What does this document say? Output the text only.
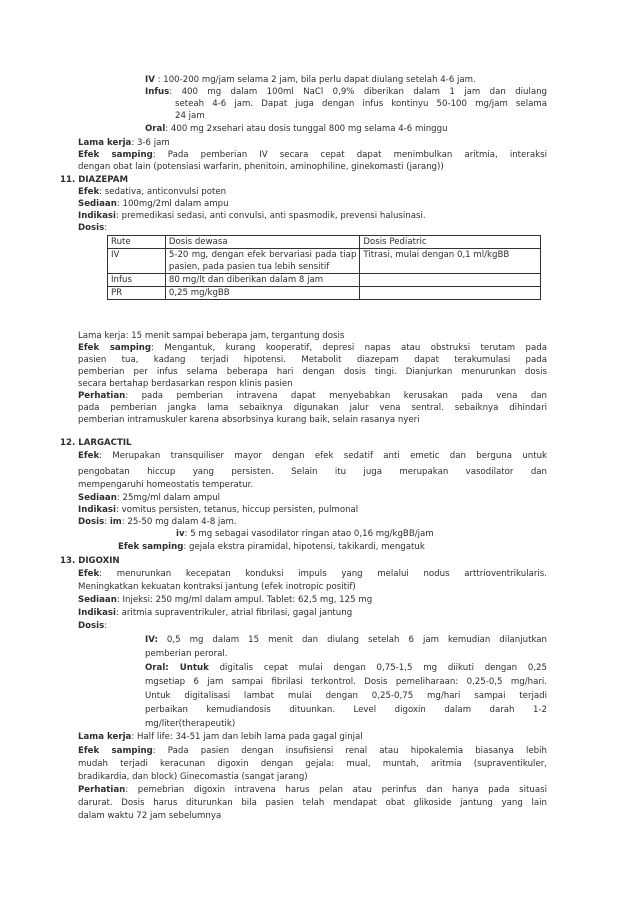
IV : 100-200 mg/jam selama 2 jam, bila perlu dapat diulang setelah 4-6 jam.
Infus: 400 mg dalam 100ml NaCl 0,9% diberikan dalam 1 jam dan diulang
seteah 4-6 jam. Dapat juga dengan infus kontinyu 50-100 mg/jam selama
24 jam
Oral: 400 mg 2xsehari atau dosis tunggal 800 mg selama 4-6 minggu
Lama kerja: 3-6 jam
Efek samping: Pada pemberian IV secara cepat dapat menimbulkan aritmia, interaksi
dengan obat lain (potensiasi warfarin, phenitoin, aminophiline, ginekomasti (jarang))
11. DIAZEPAM
Efek: sedativa, anticonvulsi poten
Sediaan: 100mg/2ml dalam ampu
Indikasi: premedikasi sedasi, anti convulsi, anti spasmodik, prevensi halusinasi.
Dosis:
Rute	Dosis dewasa	Dosis Pediatric
IV	5-20 mg, dengan efek bervariasi pada tiap pasien, pada pasien tua lebih sensitif	Titrasi, mulai dengan 0,1 ml/kgBB
Infus	80 mg/lt dan diberikan dalam 8 jam	
PR	0,25 mg/kgBB	
Lama kerja: 15 menit sampai beberapa jam, tergantung dosis
Efek samping: Mengantuk, kurang kooperatif, depresi napas atau obstruksi terutam pada
pasien tua, kadang terjadi hipotensi. Metabolit diazepam dapat terakumulasi pada
pemberian per infus selama beberapa hari dengan dosis tingi. Dianjurkan menurunkan dosis
secara bertahap berdasarkan respon klinis pasien
Perhatian: pada pemberian intravena dapat menyebabkan kerusakan pada vena dan
pada pemberian jangka lama sebaiknya digunakan jalur vena sentral. sebaiknya dihindari
pemberian intramuskuler karena absorbsinya kurang baik, selain rasanya nyeri
12. LARGACTIL
Efek: Merupakan transquiliser mayor dengan efek sedatif anti emetic dan berguna untuk
pengobatan hiccup yang persisten. Selain itu juga merupakan vasodilator dan
mempengaruhi homeostatis temperatur.
Sediaan: 25mg/ml dalam ampul
Indikasi: vomitus persisten, tetanus, hiccup persisten, pulmonal
Dosis: im: 25-50 mg dalam 4-8 jam.
iv: 5 mg sebagai vasodilator ringan atao 0,16 mg/kgBB/jam
Efek samping: gejala ekstra piramidal, hipotensi, takikardi, mengatuk
13. DIGOXIN
Efek: menurunkan kecepatan konduksi impuls yang melalui nodus arttrioventrikularis.
Meningkatkan kekuatan kontraksi jantung (efek inotropic positif)
Sediaan: Injeksi: 250 mg/ml dalam ampul. Tablet: 62,5 mg, 125 mg
Indikasi: aritmia supraventrikuler, atrial fibrilasi, gagal jantung
Dosis:
IV: 0,5 mg dalam 15 menit dan diulang setelah 6 jam kemudian dilanjutkan
pemberian peroral.
Oral: Untuk digitalis cepat mulai dengan 0,75-1,5 mg diikuti dengan 0,25
mgsetiap 6 jam sampai fibrilasi terkontrol. Dosis pemeliharaan: 0,25-0,5 mg/hari.
Untuk digitalisasi lambat mulai dengan 0,25-0,75 mg/hari sampai terjadi
perbaikan kemudiandosis dituunkan. Level digoxin dalam darah 1-2
mg/liter(therapeutik)
Lama kerja: Half life: 34-51 jam dan lebih lama pada gagal ginjal
Efek samping: Pada pasien dengan insufisiensi renal atau hipokalemia biasanya lebih
mudah terjadi keracunan digoxin dengan gejala: mual, muntah, aritmia (supraventikuler,
bradikardia, dan block) Ginecomastia (sangat jarang)
Perhatian: pemebrian digoxin intravena harus pelan atau perinfus dan hanya pada situasi
darurat. Dosis harus diturunkan bila pasien telah mendapat obat glikoside jantung yang lain
dalam waktu 72 jam sebelumnya
